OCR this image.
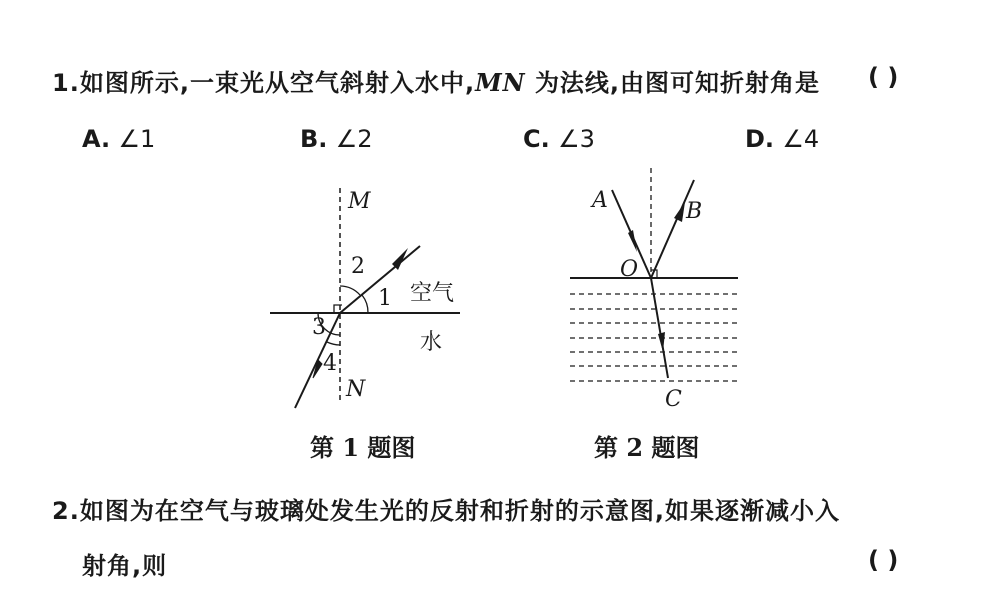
1.如图所示,一束光从空气斜射入水中,MN 为法线,由图可知折射角是 ( )
A. ∠1	B. ∠2	C. ∠3	D. ∠4
M
N
2
1
3
4
空气
水
A	B
O
C
第 1 题图	第 2 题图
2.如图为在空气与玻璃处发生光的反射和折射的示意图,如果逐渐减小入
射角,则	( )
